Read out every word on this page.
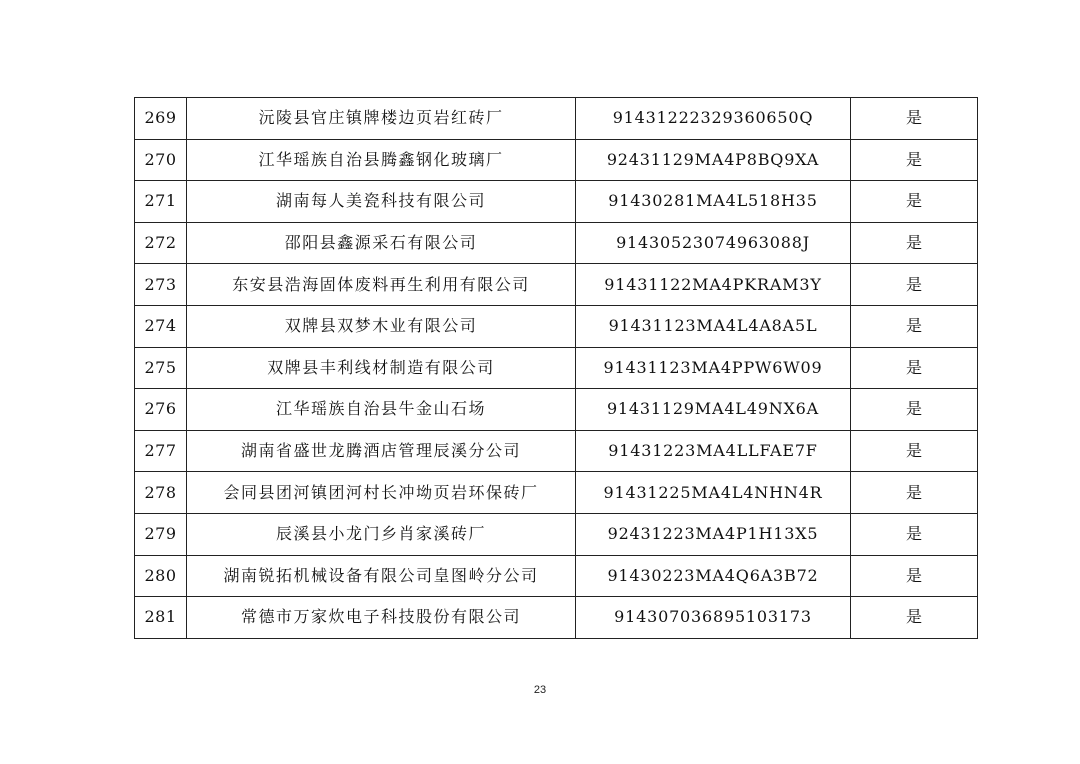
269	沅陵县官庄镇牌楼边页岩红砖厂	91431222329360650Q	是
270	江华瑶族自治县腾鑫钢化玻璃厂	92431129MA4P8BQ9XA	是
271	湖南每人美瓷科技有限公司	91430281MA4L518H35	是
272	邵阳县鑫源采石有限公司	91430523074963088J	是
273	东安县浩海固体废料再生利用有限公司	91431122MA4PKRAM3Y	是
274	双牌县双梦木业有限公司	91431123MA4L4A8A5L	是
275	双牌县丰利线材制造有限公司	91431123MA4PPW6W09	是
276	江华瑶族自治县牛金山石场	91431129MA4L49NX6A	是
277	湖南省盛世龙腾酒店管理辰溪分公司	91431223MA4LLFAE7F	是
278	会同县团河镇团河村长冲坳页岩环保砖厂	91431225MA4L4NHN4R	是
279	辰溪县小龙门乡肖家溪砖厂	92431223MA4P1H13X5	是
280	湖南锐拓机械设备有限公司皇图岭分公司	91430223MA4Q6A3B72	是
281	常德市万家炊电子科技股份有限公司	914307036895103173	是
23
